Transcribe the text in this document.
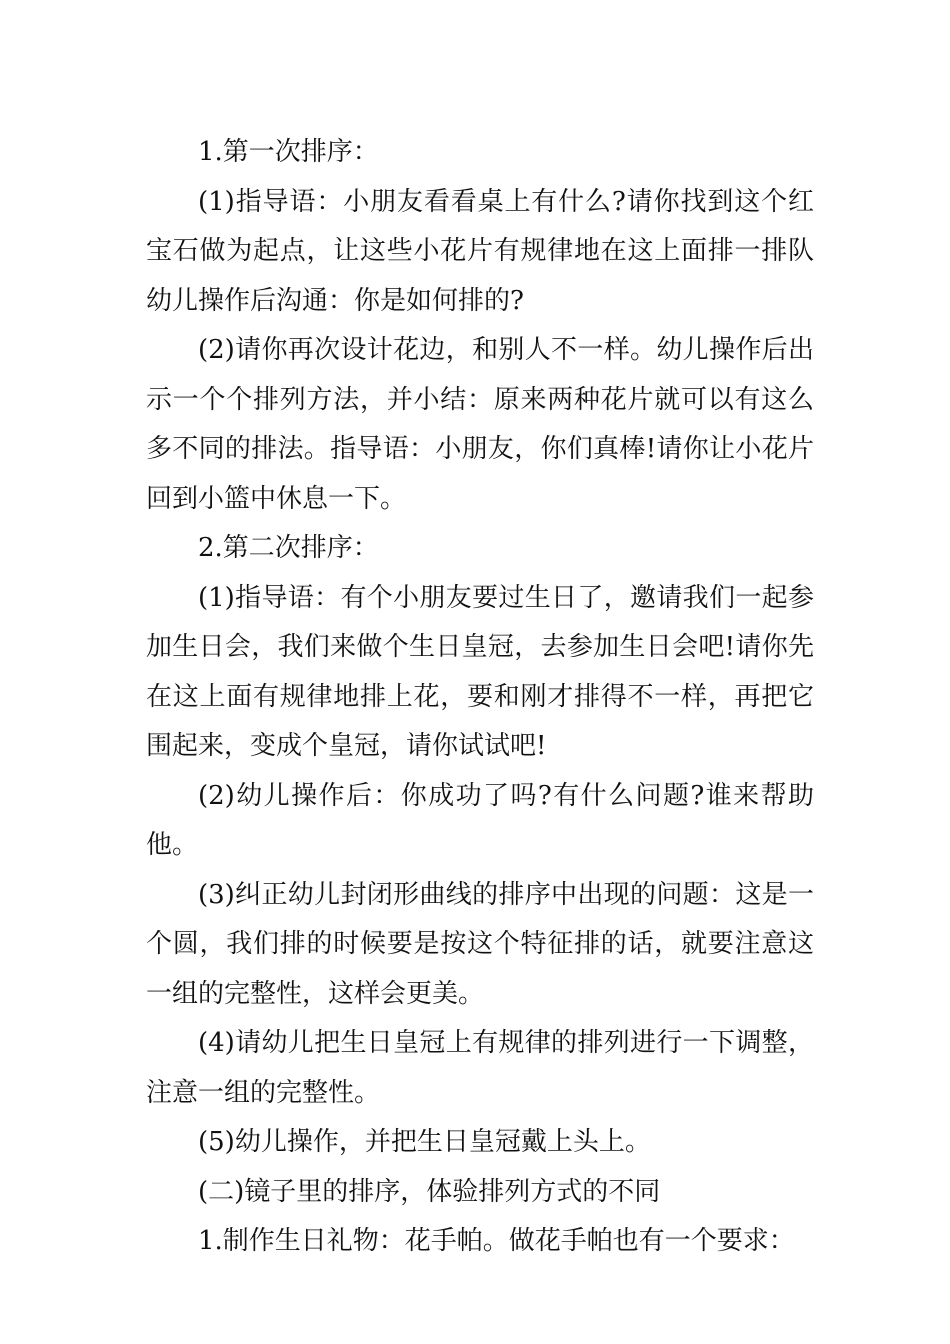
1.第一次排序：

(1)指导语：小朋友看看桌上有什么?请你找到这个红宝石做为起点，让这些小花片有规律地在这上面排一排队幼儿操作后沟通：你是如何排的?

(2)请你再次设计花边，和别人不一样。幼儿操作后出示一个个排列方法，并小结：原来两种花片就可以有这么多不同的排法。指导语：小朋友，你们真棒!请你让小花片回到小篮中休息一下。

2.第二次排序：

(1)指导语：有个小朋友要过生日了，邀请我们一起参加生日会，我们来做个生日皇冠，去参加生日会吧!请你先在这上面有规律地排上花，要和刚才排得不一样，再把它围起来，变成个皇冠，请你试试吧!

(2)幼儿操作后：你成功了吗?有什么问题?谁来帮助他。

(3)纠正幼儿封闭形曲线的排序中出现的问题：这是一个圆，我们排的时候要是按这个特征排的话，就要注意这一组的完整性，这样会更美。

(4)请幼儿把生日皇冠上有规律的排列进行一下调整，注意一组的完整性。

(5)幼儿操作，并把生日皇冠戴上头上。

(二)镜子里的排序，体验排列方式的不同

1.制作生日礼物：花手帕。做花手帕也有一个要求：
